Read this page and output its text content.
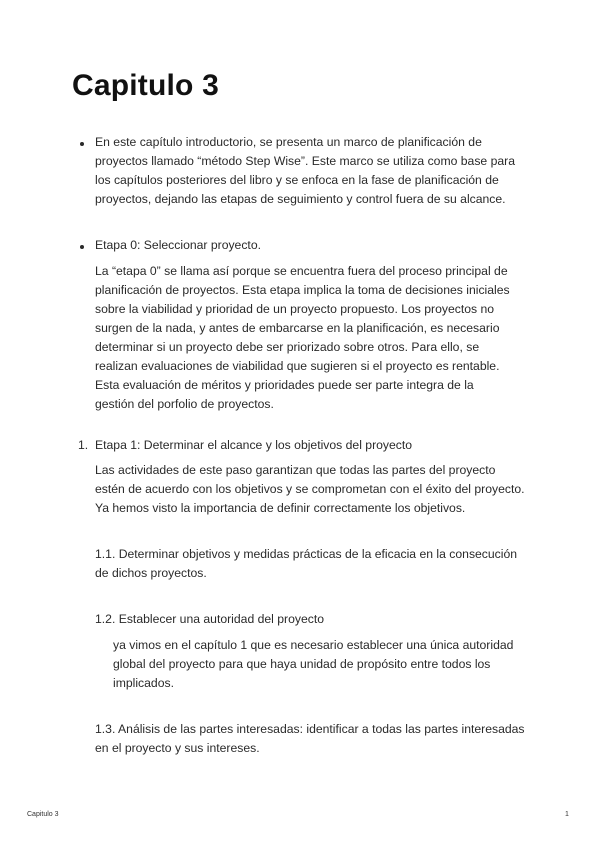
Capitulo 3

En este capítulo introductorio, se presenta un marco de planificación de proyectos llamado “método Step Wise”. Este marco se utiliza como base para los capítulos posteriores del libro y se enfoca en la fase de planificación de proyectos, dejando las etapas de seguimiento y control fuera de su alcance.

Etapa 0: Seleccionar proyecto.

La “etapa 0” se llama así porque se encuentra fuera del proceso principal de planificación de proyectos. Esta etapa implica la toma de decisiones iniciales sobre la viabilidad y prioridad de un proyecto propuesto. Los proyectos no surgen de la nada, y antes de embarcarse en la planificación, es necesario determinar si un proyecto debe ser priorizado sobre otros. Para ello, se realizan evaluaciones de viabilidad que sugieren si el proyecto es rentable. Esta evaluación de méritos y prioridades puede ser parte integra de la gestión del porfolio de proyectos.

1. Etapa 1: Determinar el alcance y los objetivos del proyecto

Las actividades de este paso garantizan que todas las partes del proyecto estén de acuerdo con los objetivos y se comprometan con el éxito del proyecto. Ya hemos visto la importancia de definir correctamente los objetivos.

1.1. Determinar objetivos y medidas prácticas de la eficacia en la consecución de dichos proyectos.

1.2. Establecer una autoridad del proyecto

ya vimos en el capítulo 1 que es necesario establecer una única autoridad global del proyecto para que haya unidad de propósito entre todos los implicados.

1.3. Análisis de las partes interesadas: identificar a todas las partes interesadas en el proyecto y sus intereses.

Capitulo 3	1
